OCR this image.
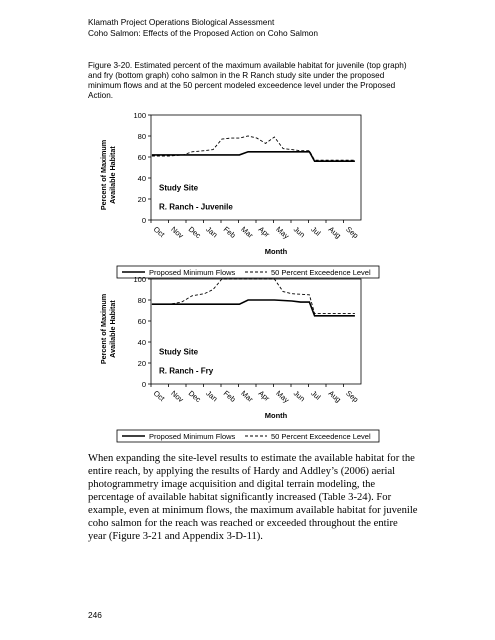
Klamath Project Operations Biological Assessment
Coho Salmon: Effects of the Proposed Action on Coho Salmon
Figure 3-20. Estimated percent of the maximum available habitat for juvenile (top graph) and fry (bottom graph) coho salmon in the R Ranch study site under the proposed minimum flows and at the 50 percent modeled exceedence level under the Proposed Action.
Percent of Maximum Available Habitat
0
20
40
60
80
100
Oct Nov Dec Jan Feb Mar Apr May Jun Jul Aug Sep
Month
Study Site
R. Ranch - Juvenile
Proposed Minimum Flows	50 Percent Exceedence Level
Percent of Maximum Available Habitat
0
20
40
60
80
100
Oct Nov Dec Jan Feb Mar Apr May Jun Jul Aug Sep
Month
Study Site
R. Ranch - Fry
Proposed Minimum Flows	50 Percent Exceedence Level
When expanding the site-level results to estimate the available habitat for the entire reach, by applying the results of Hardy and Addley’s (2006) aerial photogrammetry image acquisition and digital terrain modeling, the percentage of available habitat significantly increased (Table 3-24). For example, even at minimum flows, the maximum available habitat for juvenile coho salmon for the reach was reached or exceeded throughout the entire year (Figure 3-21 and Appendix 3-D-11).
246
